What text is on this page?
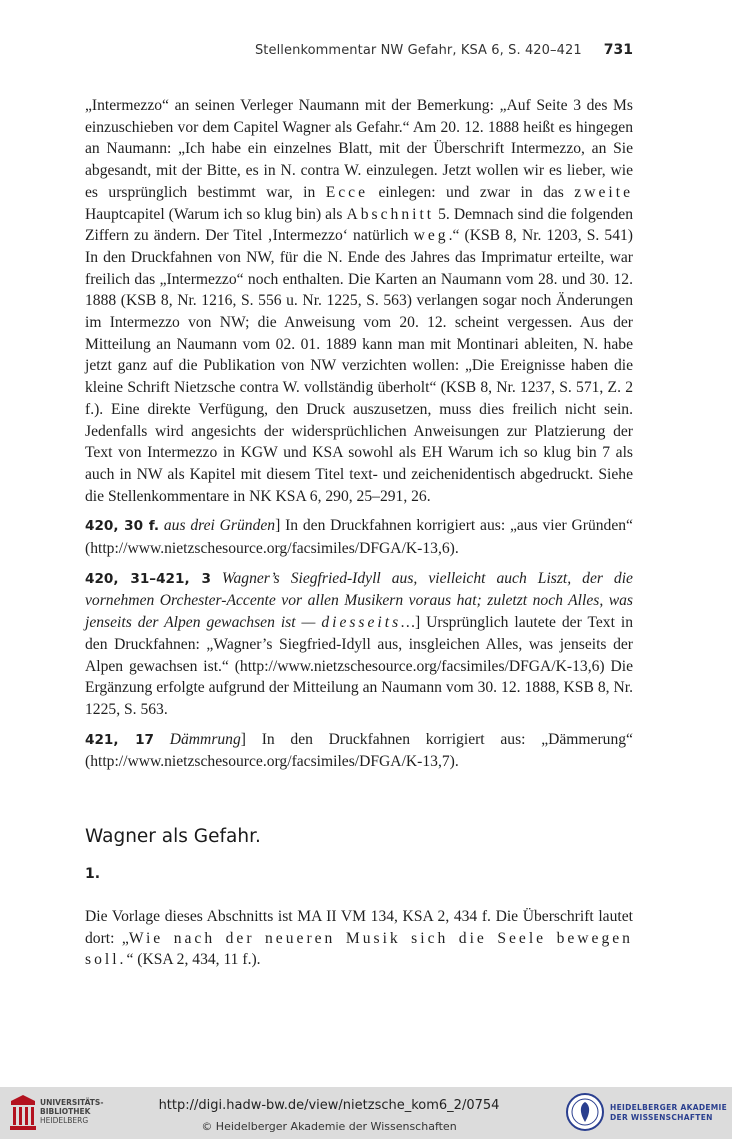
Stellenkommentar NW Gefahr, KSA 6, S. 420–421 731

„Intermezzo“ an seinen Verleger Naumann mit der Bemerkung: „Auf Seite 3 des Ms einzuschieben vor dem Capitel Wagner als Gefahr.“ Am 20. 12. 1888 heißt es hingegen an Naumann: „Ich habe ein einzelnes Blatt, mit der Überschrift Intermezzo, an Sie abgesandt, mit der Bitte, es in N. contra W. einzulegen. Jetzt wollen wir es lieber, wie es ursprünglich bestimmt war, in Ecce einlegen: und zwar in das zweite Hauptcapitel (Warum ich so klug bin) als Abschnitt 5. Demnach sind die folgenden Ziffern zu ändern. Der Titel ‚Intermezzo‘ natürlich weg.“ (KSB 8, Nr. 1203, S. 541) In den Druckfahnen von NW, für die N. Ende des Jahres das Imprimatur erteilte, war freilich das „Intermezzo“ noch enthalten. Die Karten an Naumann vom 28. und 30. 12. 1888 (KSB 8, Nr. 1216, S. 556 u. Nr. 1225, S. 563) verlangen sogar noch Änderungen im Intermezzo von NW; die Anweisung vom 20. 12. scheint vergessen. Aus der Mitteilung an Naumann vom 02. 01. 1889 kann man mit Montinari ableiten, N. habe jetzt ganz auf die Publikation von NW verzichten wollen: „Die Ereignisse haben die kleine Schrift Nietzsche contra W. vollständig überholt“ (KSB 8, Nr. 1237, S. 571, Z. 2 f.). Eine direkte Verfügung, den Druck auszusetzen, muss dies freilich nicht sein. Jedenfalls wird angesichts der widersprüchlichen Anweisungen zur Platzierung der Text von Intermezzo in KGW und KSA sowohl als EH Warum ich so klug bin 7 als auch in NW als Kapitel mit diesem Titel text- und zeichenidentisch abgedruckt. Siehe die Stellenkommentare in NK KSA 6, 290, 25–291, 26.

420, 30 f. aus drei Gründen] In den Druckfahnen korrigiert aus: „aus vier Gründen“ (http://www.nietzschesource.org/facsimiles/DFGA/K-13,6).

420, 31–421, 3 Wagner’s Siegfried-Idyll aus, vielleicht auch Liszt, der die vornehmen Orchester-Accente vor allen Musikern voraus hat; zuletzt noch Alles, was jenseits der Alpen gewachsen ist — diesseits…] Ursprünglich lautete der Text in den Druckfahnen: „Wagner’s Siegfried-Idyll aus, insgleichen Alles, was jenseits der Alpen gewachsen ist.“ (http://www.nietzschesource.org/facsimiles/DFGA/K-13,6) Die Ergänzung erfolgte aufgrund der Mitteilung an Naumann vom 30. 12. 1888, KSB 8, Nr. 1225, S. 563.

421, 17 Dämmrung] In den Druckfahnen korrigiert aus: „Dämmerung“ (http://www.nietzschesource.org/facsimiles/DFGA/K-13,7).

Wagner als Gefahr.
1.

Die Vorlage dieses Abschnitts ist MA II VM 134, KSA 2, 434 f. Die Überschrift lautet dort: „Wie nach der neueren Musik sich die Seele bewegen soll.“ (KSA 2, 434, 11 f.).

UNIVERSITÄTS-
BIBLIOTHEK
HEIDELBERG
http://digi.hadw-bw.de/view/nietzsche_kom6_2/0754
© Heidelberger Akademie der Wissenschaften
HEIDELBERGER AKADEMIE
DER WISSENSCHAFTEN
